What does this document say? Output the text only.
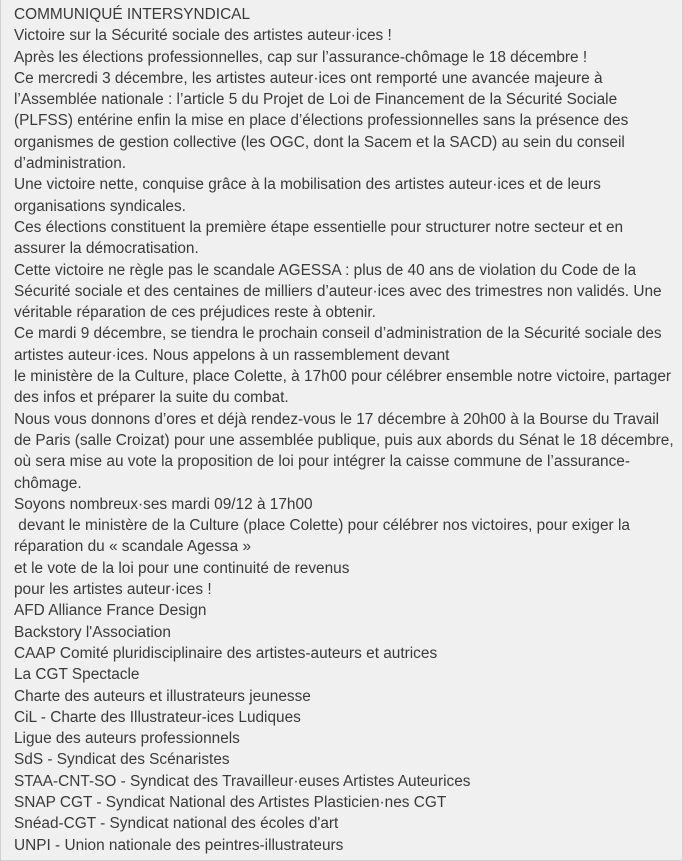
COMMUNIQUÉ INTERSYNDICAL

Victoire sur la Sécurité sociale des artistes auteur·ices !

Après les élections professionnelles, cap sur l’assurance-chômage le 18 décembre !

Ce mercredi 3 décembre, les artistes auteur·ices ont remporté une avancée majeure à l’Assemblée nationale : l’article 5 du Projet de Loi de Financement de la Sécurité Sociale (PLFSS) entérine enfin la mise en place d’élections professionnelles sans la présence des organismes de gestion collective (les OGC, dont la Sacem et la SACD) au sein du conseil d’administration.

Une victoire nette, conquise grâce à la mobilisation des artistes auteur·ices et de leurs organisations syndicales.

Ces élections constituent la première étape essentielle pour structurer notre secteur et en assurer la démocratisation.

Cette victoire ne règle pas le scandale AGESSA : plus de 40 ans de violation du Code de la Sécurité sociale et des centaines de milliers d’auteur·ices avec des trimestres non validés. Une véritable réparation de ces préjudices reste à obtenir.

Ce mardi 9 décembre, se tiendra le prochain conseil d’administration de la Sécurité sociale des artistes auteur·ices. Nous appelons à un rassemblement devant

le ministère de la Culture, place Colette, à 17h00 pour célébrer ensemble notre victoire, partager des infos et préparer la suite du combat.

Nous vous donnons d’ores et déjà rendez-vous le 17 décembre à 20h00 à la Bourse du Travail de Paris (salle Croizat) pour une assemblée publique, puis aux abords du Sénat le 18 décembre, où sera mise au vote la proposition de loi pour intégrer la caisse commune de l’assurance-chômage.

Soyons nombreux·ses mardi 09/12 à 17h00

devant le ministère de la Culture (place Colette) pour célébrer nos victoires, pour exiger la réparation du « scandale Agessa »

et le vote de la loi pour une continuité de revenus

pour les artistes auteur·ices !

AFD Alliance France Design

Backstory l'Association

CAAP Comité pluridisciplinaire des artistes-auteurs et autrices

La CGT Spectacle

Charte des auteurs et illustrateurs jeunesse

CiL - Charte des Illustrateur-ices Ludiques

Ligue des auteurs professionnels

SdS - Syndicat des Scénaristes

STAA-CNT-SO - Syndicat des Travailleur·euses Artistes Auteurices

SNAP CGT - Syndicat National des Artistes Plasticien·nes CGT

Snéad-CGT - Syndicat national des écoles d'art

UNPI - Union nationale des peintres-illustrateurs
